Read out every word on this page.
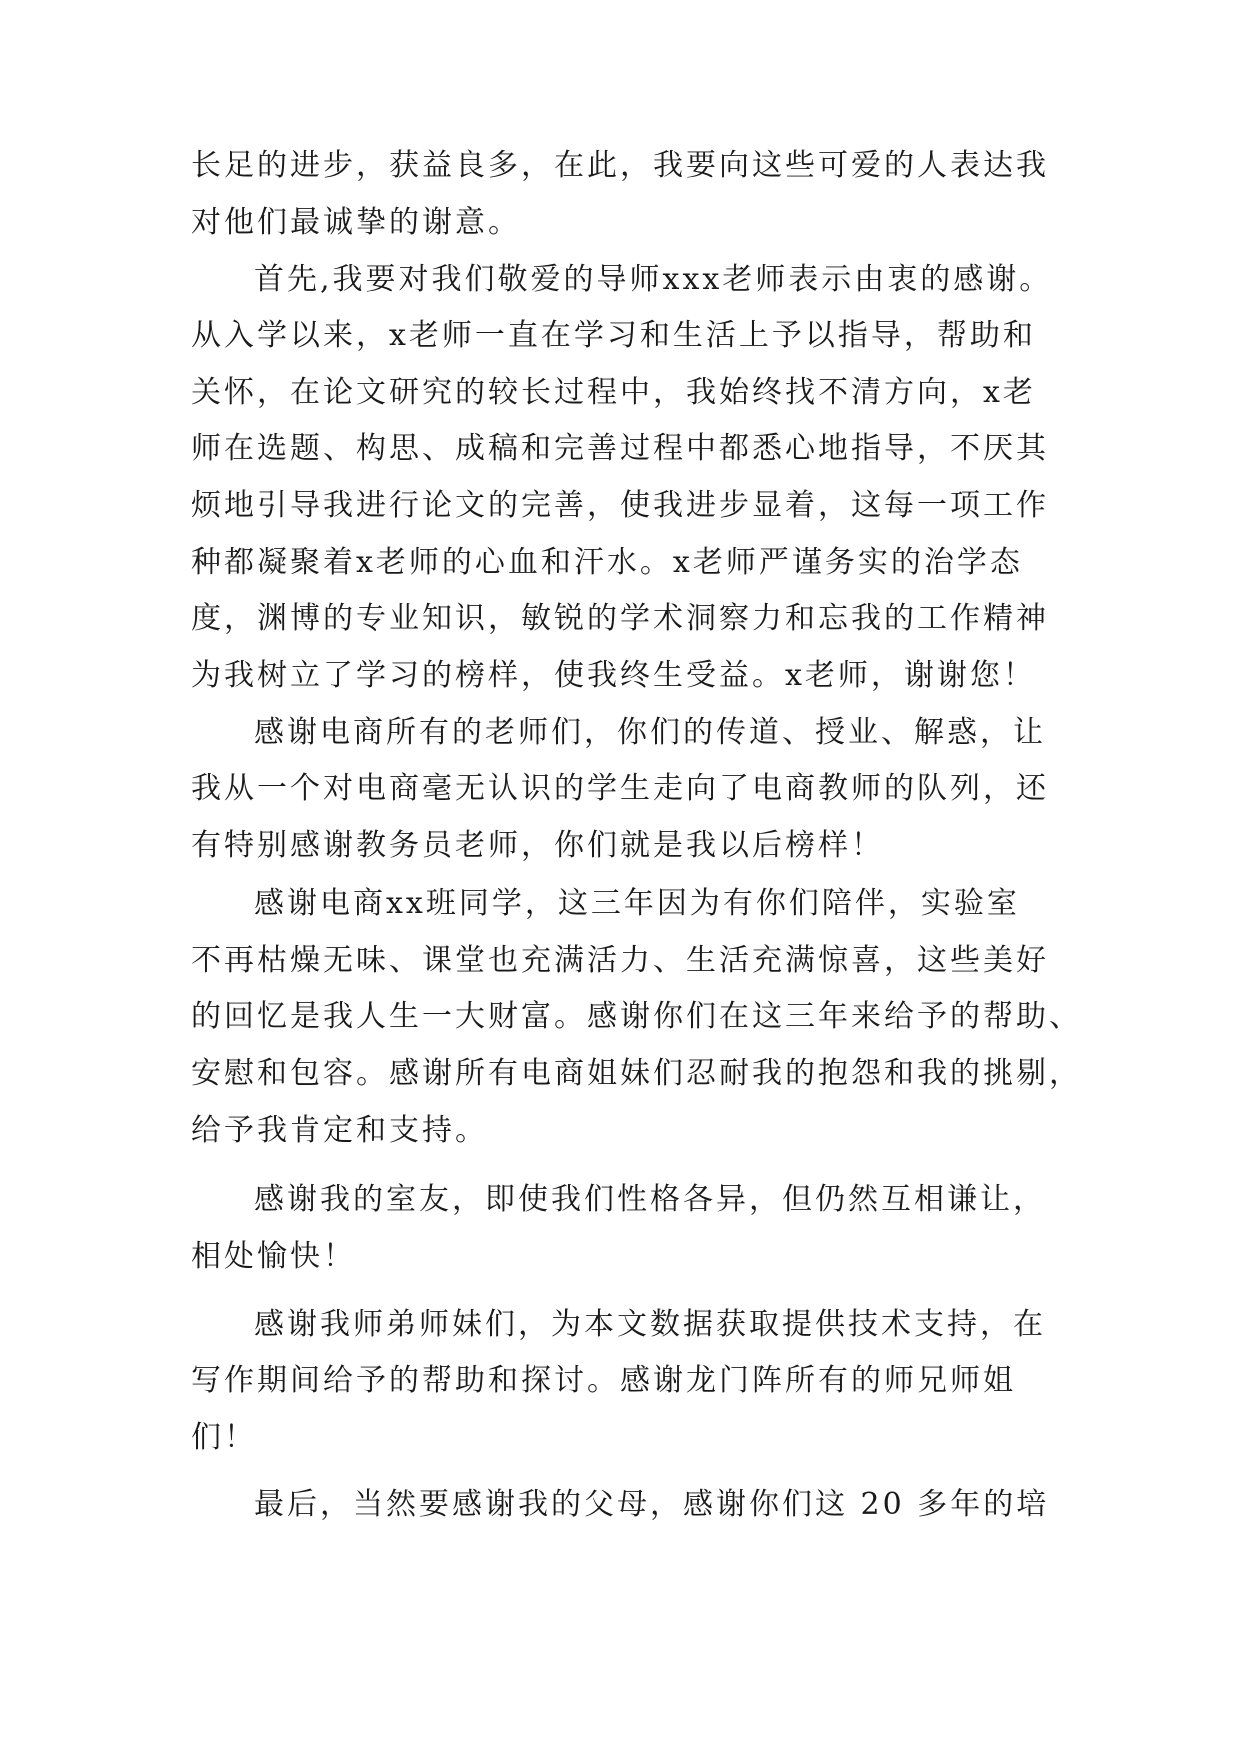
长足的进步，获益良多，在此，我要向这些可爱的人表达我
对他们最诚挚的谢意。
首先,我要对我们敬爱的导师xxx老师表示由衷的感谢。
从入学以来，x老师一直在学习和生活上予以指导，帮助和
关怀，在论文研究的较长过程中，我始终找不清方向，x老
师在选题、构思、成稿和完善过程中都悉心地指导，不厌其
烦地引导我进行论文的完善，使我进步显着，这每一项工作
种都凝聚着x老师的心血和汗水。x老师严谨务实的治学态
度，渊博的专业知识，敏锐的学术洞察力和忘我的工作精神
为我树立了学习的榜样，使我终生受益。x老师，谢谢您！
感谢电商所有的老师们，你们的传道、授业、解惑，让
我从一个对电商毫无认识的学生走向了电商教师的队列，还
有特别感谢教务员老师，你们就是我以后榜样！
感谢电商xx班同学，这三年因为有你们陪伴，实验室
不再枯燥无味、课堂也充满活力、生活充满惊喜，这些美好
的回忆是我人生一大财富。感谢你们在这三年来给予的帮助、
安慰和包容。感谢所有电商姐妹们忍耐我的抱怨和我的挑剔，
给予我肯定和支持。
感谢我的室友，即使我们性格各异，但仍然互相谦让，
相处愉快！
感谢我师弟师妹们，为本文数据获取提供技术支持，在
写作期间给予的帮助和探讨。感谢龙门阵所有的师兄师姐
们！
最后，当然要感谢我的父母，感谢你们这 20 多年的培
